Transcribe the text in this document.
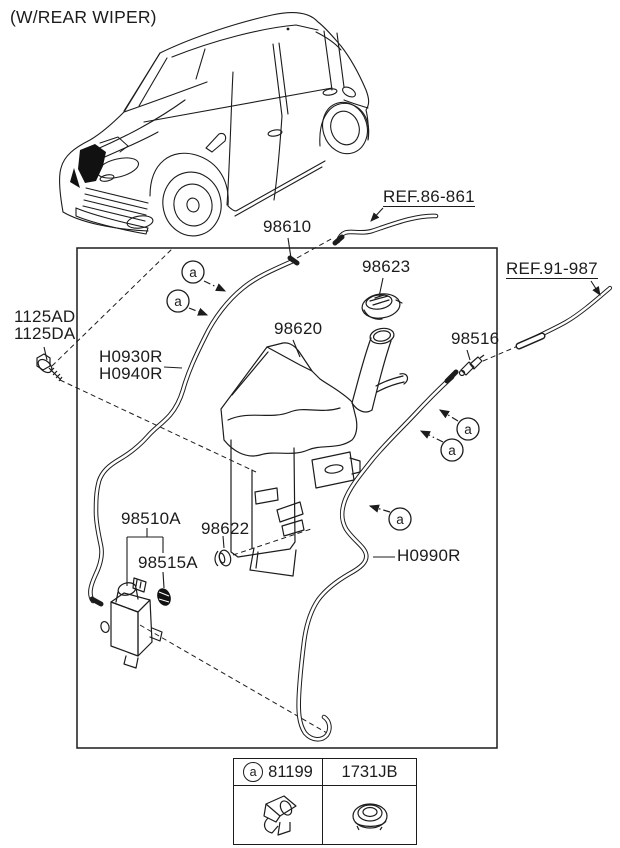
a
a
a
a
a
(W/REAR WIPER)
98610
REF.86-861
REF.91-987
98623
98620
98516
1125AD
1125DA
H0930R
H0940R
98510A
98622
98515A	H0990R
a 81199	1731JB
